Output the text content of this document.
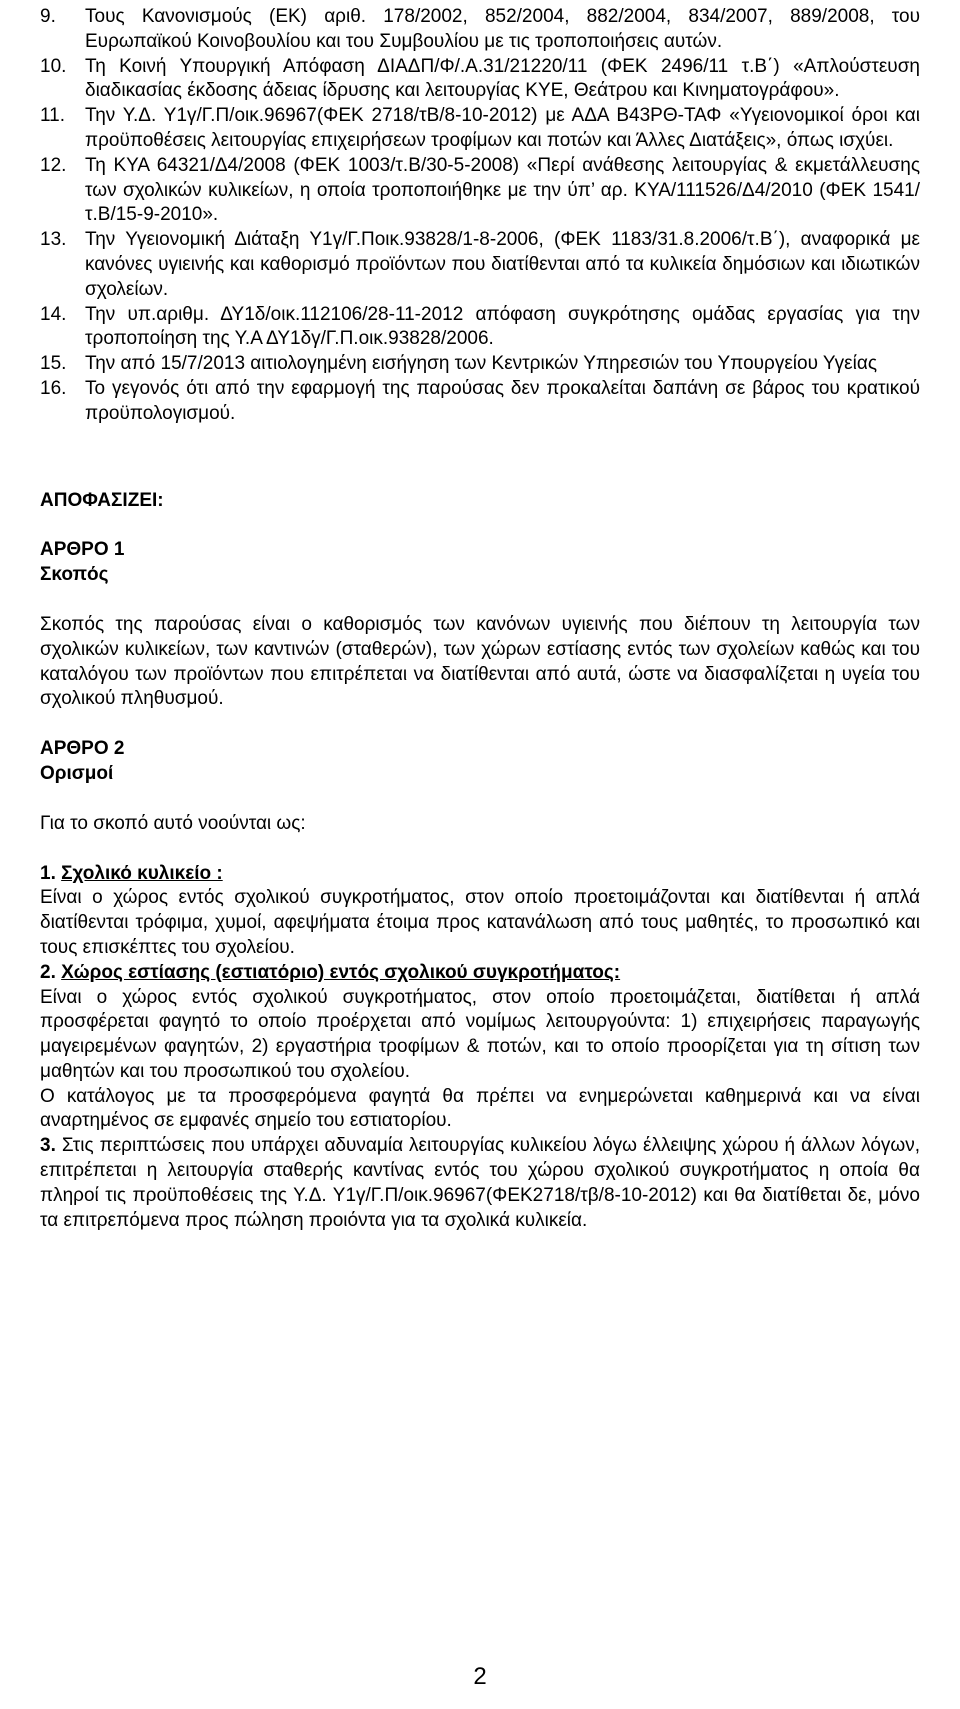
9.	Τους Κανονισμούς (ΕΚ) αριθ. 178/2002, 852/2004, 882/2004, 834/2007, 889/2008, του Ευρωπαϊκού Κοινοβουλίου και του Συμβουλίου με τις τροποποιήσεις αυτών.
10. Τη Κοινή Υπουργική Απόφαση ΔΙΑΔΠ/Φ/.Α.31/21220/11 (ΦΕΚ 2496/11 τ.Β΄) «Απλούστευση διαδικασίας έκδοσης άδειας ίδρυσης και λειτουργίας ΚΥΕ, Θεάτρου και Κινηματογράφου».
11.	Την Υ.Δ. Υ1γ/Γ.Π/οικ.96967(ΦΕΚ 2718/τΒ/8-10-2012) με ΑΔΑ Β43ΡΘ-ΤΑΦ «Υγειονομικοί όροι και προϋποθέσεις λειτουργίας επιχειρήσεων τροφίμων και ποτών και Άλλες Διατάξεις», όπως ισχύει.
12. Τη ΚΥΑ 64321/Δ4/2008 (ΦΕΚ 1003/τ.Β/30-5-2008) «Περί ανάθεσης λειτουργίας & εκμετάλλευσης των σχολικών κυλικείων, η οποία τροποποιήθηκε με την ύπ’ αρ. ΚΥΑ/111526/Δ4/2010 (ΦΕΚ 1541/τ.Β/15-9-2010».
13. Την Υγειονομική Διάταξη Υ1γ/Γ.Ποικ.93828/1-8-2006, (ΦΕΚ 1183/31.8.2006/τ.Β΄), αναφορικά με κανόνες υγιεινής και καθορισμό προϊόντων που διατίθενται από τα κυλικεία δημόσιων και ιδιωτικών σχολείων.
14. Την υπ.αριθμ. ΔΥ1δ/οικ.112106/28-11-2012 απόφαση συγκρότησης ομάδας εργασίας για την τροποποίηση της Υ.Α ΔΥ1δγ/Γ.Π.οικ.93828/2006.
15. Την από 15/7/2013 αιτιολογημένη εισήγηση των Κεντρικών Υπηρεσιών του Υπουργείου Υγείας
16. Το γεγονός ότι από την εφαρμογή της παρούσας δεν προκαλείται δαπάνη σε βάρος του κρατικού προϋπολογισμού.

ΑΠΟΦΑΣΙΖΕΙ:

ΑΡΘΡΟ 1

Σκοπός

Σκοπός της παρούσας είναι ο καθορισμός των κανόνων υγιεινής που διέπουν τη λειτουργία των σχολικών κυλικείων, των καντινών (σταθερών), των χώρων εστίασης εντός των σχολείων καθώς και του καταλόγου των προϊόντων που επιτρέπεται να διατίθενται από αυτά, ώστε να διασφαλίζεται η υγεία του σχολικού πληθυσμού.

ΑΡΘΡΟ 2

Ορισμοί

Για το σκοπό αυτό νοούνται ως:

1. Σχολικό κυλικείο :

Είναι ο χώρος εντός σχολικού συγκροτήματος, στον οποίο προετοιμάζονται και διατίθενται ή απλά διατίθενται τρόφιμα, χυμοί, αφεψήματα έτοιμα προς κατανάλωση από τους μαθητές, το προσωπικό και τους επισκέπτες του σχολείου.

2. Χώρος εστίασης (εστιατόριο) εντός σχολικού συγκροτήματος:

Είναι ο χώρος εντός σχολικού συγκροτήματος, στον οποίο προετοιμάζεται, διατίθεται ή απλά προσφέρεται φαγητό το οποίο προέρχεται από νομίμως λειτουργούντα: 1) επιχειρήσεις παραγωγής μαγειρεμένων φαγητών, 2) εργαστήρια τροφίμων & ποτών, και το οποίο προορίζεται για τη σίτιση των μαθητών και του προσωπικού του σχολείου.

Ο κατάλογος με τα προσφερόμενα φαγητά θα πρέπει να ενημερώνεται καθημερινά και να είναι αναρτημένος σε εμφανές σημείο του εστιατορίου.

3. Στις περιπτώσεις που υπάρχει αδυναμία λειτουργίας κυλικείου λόγω έλλειψης χώρου ή άλλων λόγων, επιτρέπεται η λειτουργία σταθερής καντίνας εντός του χώρου σχολικού συγκροτήματος η οποία θα πληροί τις προϋποθέσεις της Υ.Δ. Υ1γ/Γ.Π/οικ.96967(ΦΕΚ2718/τβ/8-10-2012) και θα διατίθεται δε, μόνο τα επιτρεπόμενα προς πώληση προιόντα για τα σχολικά κυλικεία.

2
